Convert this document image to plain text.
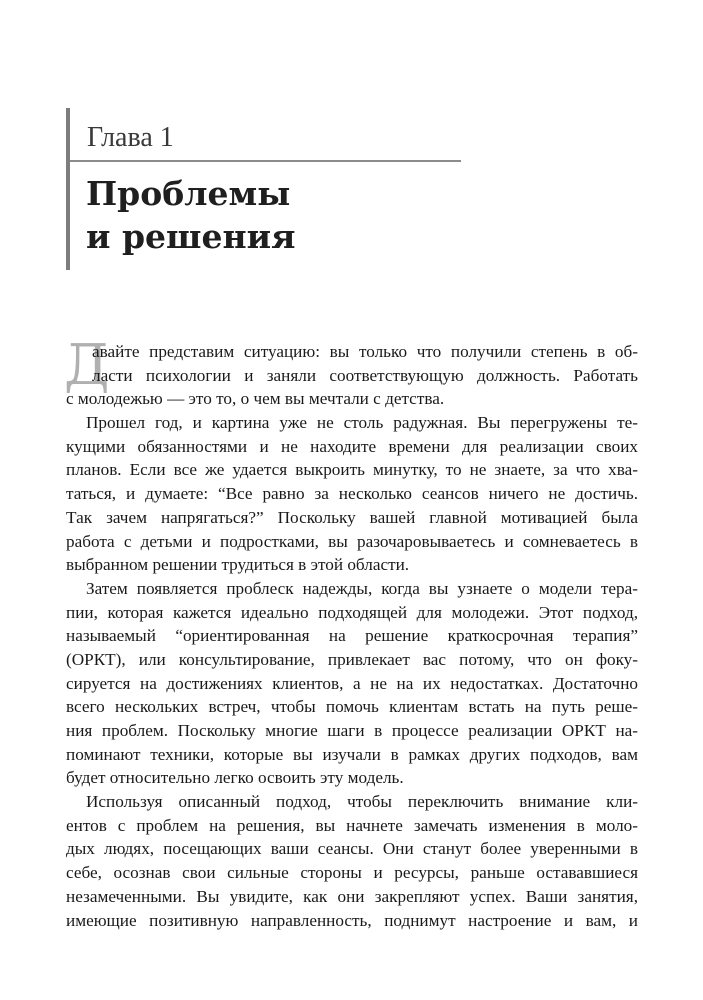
Глава 1
Проблемы
и решения
Д
авайте представим ситуацию: вы только что получили степень в об-
ласти психологии и заняли соответствующую должность. Работать
с молодежью — это то, о чем вы мечтали с детства.
Прошел год, и картина уже не столь радужная. Вы перегружены те-
кущими обязанностями и не находите времени для реализации своих
планов. Если все же удается выкроить минутку, то не знаете, за что хва-
таться, и думаете: “Все равно за несколько сеансов ничего не достичь.
Так зачем напрягаться?” Поскольку вашей главной мотивацией была
работа с детьми и подростками, вы разочаровываетесь и сомневаетесь в
выбранном решении трудиться в этой области.
Затем появляется проблеск надежды, когда вы узнаете о модели тера-
пии, которая кажется идеально подходящей для молодежи. Этот подход,
называемый “ориентированная на решение краткосрочная терапия”
(ОРКТ), или консультирование, привлекает вас потому, что он фоку-
сируется на достижениях клиентов, а не на их недостатках. Достаточно
всего нескольких встреч, чтобы помочь клиентам встать на путь реше-
ния проблем. Поскольку многие шаги в процессе реализации ОРКТ на-
поминают техники, которые вы изучали в рамках других подходов, вам
будет относительно легко освоить эту модель.
Используя описанный подход, чтобы переключить внимание кли-
ентов с проблем на решения, вы начнете замечать изменения в моло-
дых людях, посещающих ваши сеансы. Они станут более уверенными в
себе, осознав свои сильные стороны и ресурсы, раньше остававшиеся
незамеченными. Вы увидите, как они закрепляют успех. Ваши занятия,
имеющие позитивную направленность, поднимут настроение и вам, и
